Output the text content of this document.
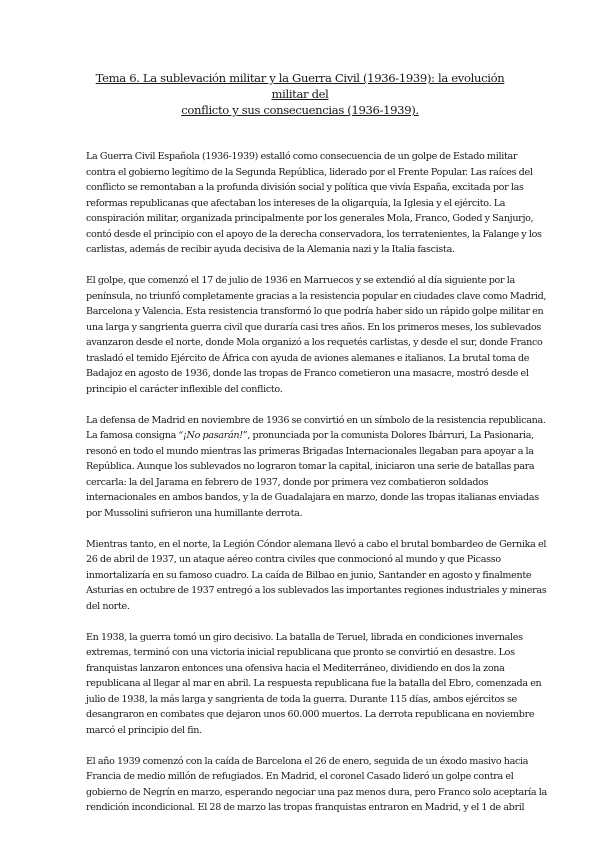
Tema 6. La sublevación militar y la Guerra Civil (1936-1939): la evolución militar del
conflicto y sus consecuencias (1936-1939).
La Guerra Civil Española (1936-1939) estalló como consecuencia de un golpe de Estado militar
contra el gobierno legítimo de la Segunda República, liderado por el Frente Popular. Las raíces del
conflicto se remontaban a la profunda división social y política que vivía España, excitada por las
reformas republicanas que afectaban los intereses de la oligarquía, la Iglesia y el ejército. La
conspiración militar, organizada principalmente por los generales Mola, Franco, Goded y Sanjurjo,
contó desde el principio con el apoyo de la derecha conservadora, los terratenientes, la Falange y los
carlistas, además de recibir ayuda decisiva de la Alemania nazi y la Italia fascista.
El golpe, que comenzó el 17 de julio de 1936 en Marruecos y se extendió al día siguiente por la
península, no triunfó completamente gracias a la resistencia popular en ciudades clave como Madrid,
Barcelona y Valencia. Esta resistencia transformó lo que podría haber sido un rápido golpe militar en
una larga y sangrienta guerra civil que duraría casi tres años. En los primeros meses, los sublevados
avanzaron desde el norte, donde Mola organizó a los requetés carlistas, y desde el sur, donde Franco
trasladó el temido Ejército de África con ayuda de aviones alemanes e italianos. La brutal toma de
Badajoz en agosto de 1936, donde las tropas de Franco cometieron una masacre, mostró desde el
principio el carácter inflexible del conflicto.
La defensa de Madrid en noviembre de 1936 se convirtió en un símbolo de la resistencia republicana.
La famosa consigna “¡No pasarán!”, pronunciada por la comunista Dolores Ibárruri, La Pasionaria,
resonó en todo el mundo mientras las primeras Brigadas Internacionales llegaban para apoyar a la
República. Aunque los sublevados no lograron tomar la capital, iniciaron una serie de batallas para
cercarla: la del Jarama en febrero de 1937, donde por primera vez combatieron soldados
internacionales en ambos bandos, y la de Guadalajara en marzo, donde las tropas italianas enviadas
por Mussolini sufrieron una humillante derrota.
Mientras tanto, en el norte, la Legión Cóndor alemana llevó a cabo el brutal bombardeo de Gernika el
26 de abril de 1937, un ataque aéreo contra civiles que conmocionó al mundo y que Picasso
inmortalizaría en su famoso cuadro. La caída de Bilbao en junio, Santander en agosto y finalmente
Asturias en octubre de 1937 entregó a los sublevados las importantes regiones industriales y mineras
del norte.
En 1938, la guerra tomó un giro decisivo. La batalla de Teruel, librada en condiciones invernales
extremas, terminó con una victoria inicial republicana que pronto se convirtió en desastre. Los
franquistas lanzaron entonces una ofensiva hacia el Mediterráneo, dividiendo en dos la zona
republicana al llegar al mar en abril. La respuesta republicana fue la batalla del Ebro, comenzada en
julio de 1938, la más larga y sangrienta de toda la guerra. Durante 115 días, ambos ejércitos se
desangraron en combates que dejaron unos 60.000 muertos. La derrota republicana en noviembre
marcó el principio del fin.
El año 1939 comenzó con la caída de Barcelona el 26 de enero, seguida de un éxodo masivo hacia
Francia de medio millón de refugiados. En Madrid, el coronel Casado lideró un golpe contra el
gobierno de Negrín en marzo, esperando negociar una paz menos dura, pero Franco solo aceptaría la
rendición incondicional. El 28 de marzo las tropas franquistas entraron en Madrid, y el 1 de abril
